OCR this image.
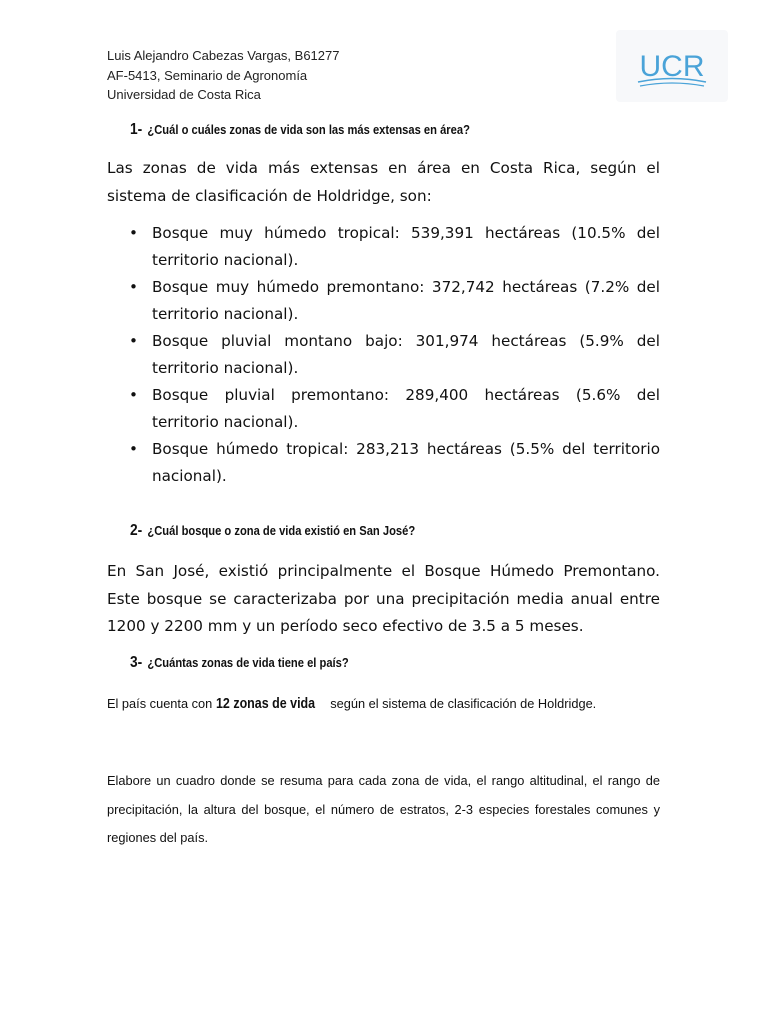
Luis Alejandro Cabezas Vargas, B61277
AF-5413, Seminario de Agronomía
Universidad de Costa Rica
UCR
1- ¿Cuál o cuáles zonas de vida son las más extensas en área?

Las zonas de vida más extensas en área en Costa Rica, según el sistema de clasificación de Holdridge, son:

• Bosque muy húmedo tropical: 539,391 hectáreas (10.5% del territorio nacional).
• Bosque muy húmedo premontano: 372,742 hectáreas (7.2% del territorio nacional).
• Bosque pluvial montano bajo: 301,974 hectáreas (5.9% del territorio nacional).
• Bosque pluvial premontano: 289,400 hectáreas (5.6% del territorio nacional).
• Bosque húmedo tropical: 283,213 hectáreas (5.5% del territorio nacional).
2- ¿Cuál bosque o zona de vida existió en San José?

En San José, existió principalmente el Bosque Húmedo Premontano. Este bosque se caracterizaba por una precipitación media anual entre 1200 y 2200 mm y un período seco efectivo de 3.5 a 5 meses.

3- ¿Cuántas zonas de vida tiene el país?

El país cuenta con 12 zonas de vida  según el sistema de clasificación de Holdridge.

Elabore un cuadro donde se resuma para cada zona de vida, el rango altitudinal, el rango de precipitación, la altura del bosque, el número de estratos, 2-3 especies forestales comunes y regiones del país.
